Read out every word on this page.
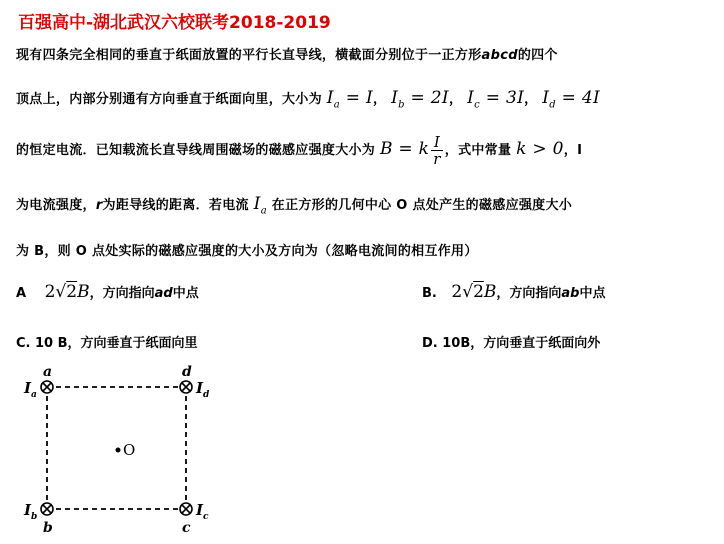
百强高中-湖北武汉六校联考2018-2019
现有四条完全相同的垂直于纸面放置的平行长直导线，横截面分别位于一正方形abcd的四个
顶点上，内部分别通有方向垂直于纸面向里，大小为 $I_a = I$， $I_b = 2I$， $I_c = 3I$， $I_d = 4I$
的恒定电流．已知载流长直导线周围磁场的磁感应强度大小为 B = k $\frac{I}{r}$ ，式中常量 k > 0，I
为电流强度，r为距导线的距离．若电流 $I_a$ 在正方形的几何中心 O 点处产生的磁感应强度大小
为 B，则 O 点处实际的磁感应强度的大小及方向为（忽略电流间的相互作用）
A 2√2B，方向指向ad中点	B. 2√2B，方向指向ab中点
C. 10 B，方向垂直于纸面向里	D. 10B，方向垂直于纸面向外
a	d
b	c
I a	I d
I b	I c
O
